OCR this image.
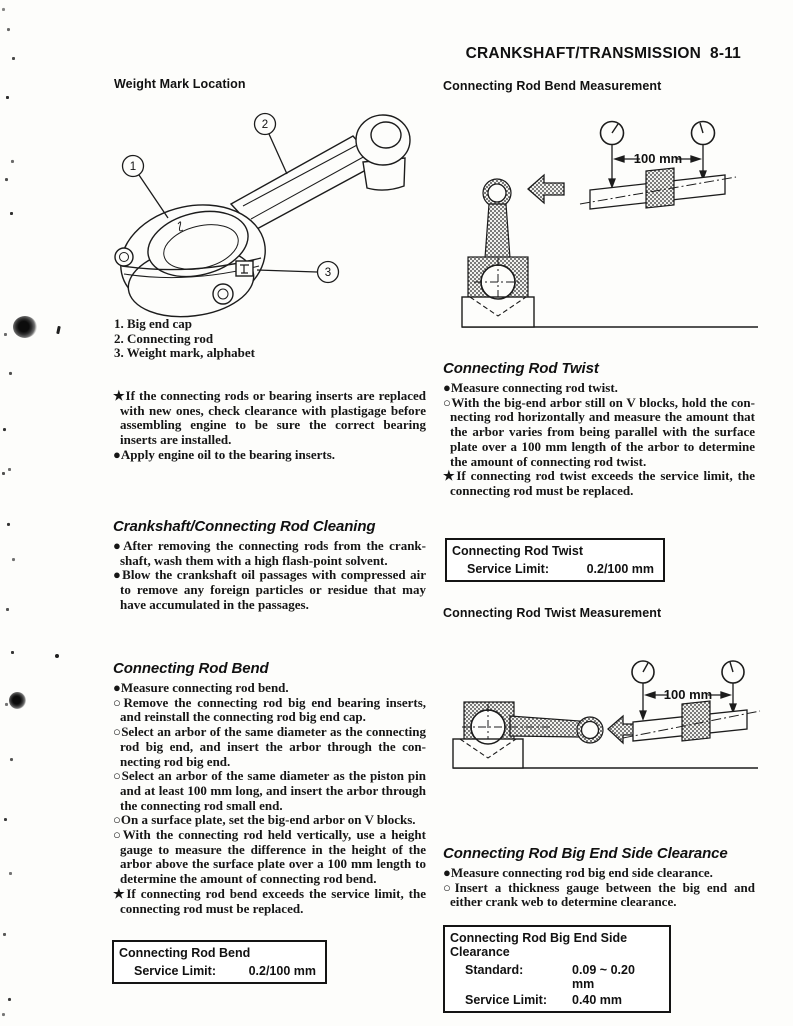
CRANKSHAFT/TRANSMISSION 8-11
Weight Mark Location
1
2
3
1. Big end cap
2. Connecting rod
3. Weight mark, alphabet
★If the connecting rods or bearing inserts are replaced with new ones, check clearance with plastigage before assembling engine to be sure the correct bearing inserts are installed.
●Apply engine oil to the bearing inserts.
Crankshaft/Connecting Rod Cleaning
●After removing the connecting rods from the crankshaft, wash them with a high flash-point solvent.
●Blow the crankshaft oil passages with compressed air to remove any foreign particles or residue that may have accumulated in the passages.
Connecting Rod Bend
●Measure connecting rod bend.
○Remove the connecting rod big end bearing inserts, and reinstall the connecting rod big end cap.
○Select an arbor of the same diameter as the connecting rod big end, and insert the arbor through the connecting rod big end.
○Select an arbor of the same diameter as the piston pin and at least 100 mm long, and insert the arbor through the connecting rod small end.
○On a surface plate, set the big-end arbor on V blocks.
○With the connecting rod held vertically, use a height gauge to measure the difference in the height of the arbor above the surface plate over a 100 mm length to determine the amount of connecting rod bend.
★If connecting rod bend exceeds the service limit, the connecting rod must be replaced.
Connecting Rod Bend
Service Limit:	0.2/100 mm
Connecting Rod Bend Measurement
100 mm
Connecting Rod Twist
●Measure connecting rod twist.
○With the big-end arbor still on V blocks, hold the connecting rod horizontally and measure the amount that the arbor varies from being parallel with the surface plate over a 100 mm length of the arbor to determine the amount of connecting rod twist.
★If connecting rod twist exceeds the service limit, the connecting rod must be replaced.
Connecting Rod Twist
Service Limit:	0.2/100 mm
Connecting Rod Twist Measurement
100 mm
Connecting Rod Big End Side Clearance
●Measure connecting rod big end side clearance.
○Insert a thickness gauge between the big end and either crank web to determine clearance.
Connecting Rod Big End Side Clearance
Standard:	0.09 ~ 0.20 mm
Service Limit:	0.40 mm
